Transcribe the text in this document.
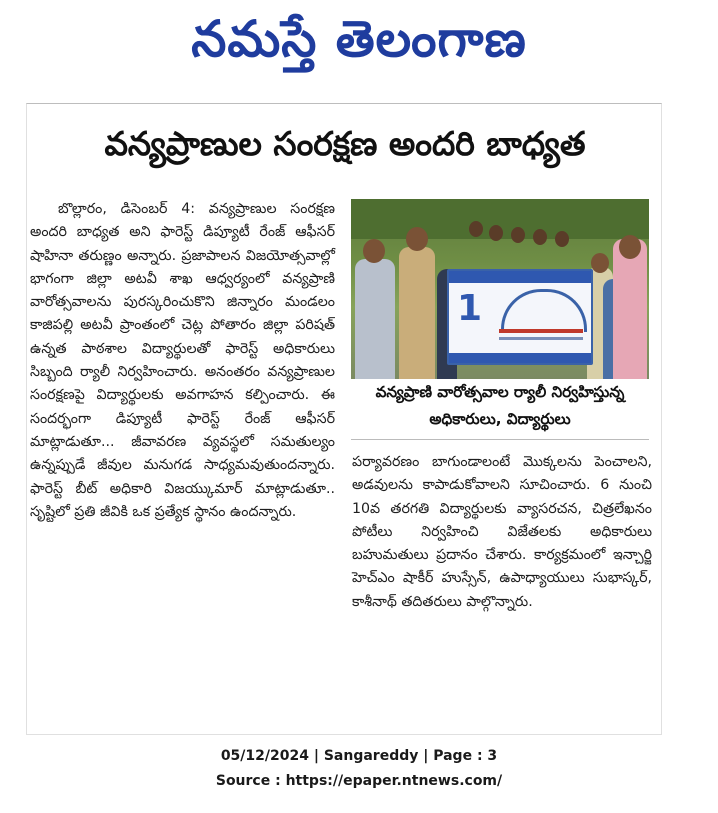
నమస్తే తెలంగాణ
వన్యప్రాణుల సంరక్షణ అందరి బాధ్యత

బొల్లారం, డిసెంబర్ 4: వన్యప్రాణుల సంరక్షణ అందరి బాధ్యత అని ఫారెస్ట్ డిప్యూటీ రేంజ్ ఆఫీసర్ షాహినా తరుణ్ణం అన్నారు. ప్రజాపాలన విజయోత్సవాల్లో భాగంగా జిల్లా అటవీ శాఖ ఆధ్వర్యంలో వన్యప్రాణి వారోత్సవాలను పురస్కరించుకొని జిన్నారం మండలం కాజిపల్లి అటవీ ప్రాంతంలో చెట్ల పోతారం జిల్లా పరిషత్ ఉన్నత పాఠశాల విద్యార్థులతో ఫారెస్ట్ అధికారులు సిబ్బంది ర్యాలీ నిర్వహించారు. అనంతరం వన్యప్రాణుల సంరక్షణపై విద్యార్థులకు అవగాహన కల్పించారు. ఈ సందర్భంగా డిప్యూటీ ఫారెస్ట్ రేంజ్ ఆఫీసర్ మాట్లాడుతూ... జీవావరణ వ్యవస్థలో సమతుల్యం ఉన్నప్పుడే జీవుల మనుగడ సాధ్యమవుతుందన్నారు. ఫారెస్ట్ బీట్ అధికారి విజయ్కుమార్ మాట్లాడుతూ.. సృష్టిలో ప్రతి జీవికి ఒక ప్రత్యేక స్థానం ఉందన్నారు.

1
వన్యప్రాణి వారోత్సవాల ర్యాలీ నిర్వహిస్తున్న అధికారులు, విద్యార్థులు

పర్యావరణం బాగుండాలంటే మొక్కలను పెంచాలని, అడవులను కాపాడుకోవాలని సూచించారు. 6 నుంచి 10వ తరగతి విద్యార్థులకు వ్యాసరచన, చిత్రలేఖనం పోటీలు నిర్వహించి విజేతలకు అధికారులు బహుమతులు ప్రదానం చేశారు. కార్యక్రమంలో ఇన్చార్జి హెచ్ఎం షాకీర్ హుస్సేన్, ఉపాధ్యాయులు సుభాస్కర్, కాశీనాథ్ తదితరులు పాల్గొన్నారు.

05/12/2024 | Sangareddy | Page : 3
Source : https://epaper.ntnews.com/
